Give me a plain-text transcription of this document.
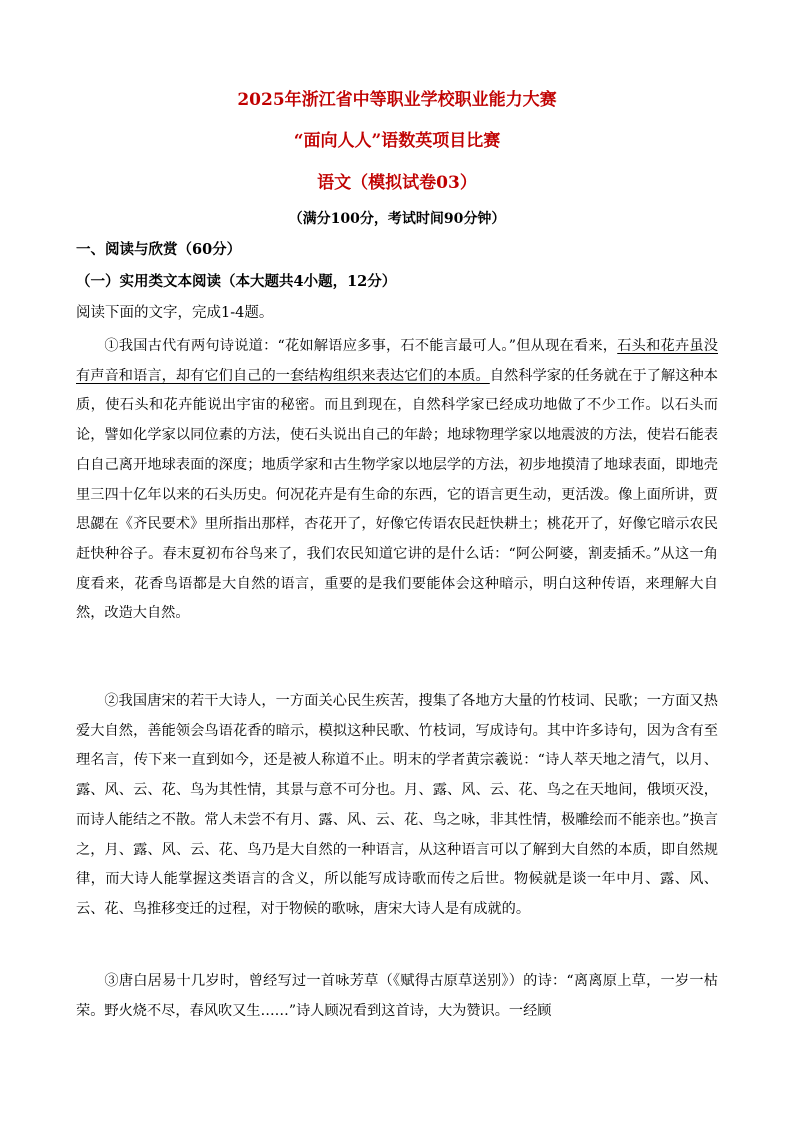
2025年浙江省中等职业学校职业能力大赛
“面向人人”语数英项目比赛
语文（模拟试卷03）
（满分100分，考试时间90分钟）
一、阅读与欣赏（60分）
（一）实用类文本阅读（本大题共4小题，12分）
阅读下面的文字，完成1-4题。

①我国古代有两句诗说道：“花如解语应多事，石不能言最可人。”但从现在看来，石头和花卉虽没有声音和语言，却有它们自己的一套结构组织来表达它们的本质。自然科学家的任务就在于了解这种本质，使石头和花卉能说出宇宙的秘密。而且到现在，自然科学家已经成功地做了不少工作。以石头而论，譬如化学家以同位素的方法，使石头说出自己的年龄；地球物理学家以地震波的方法，使岩石能表白自己离开地球表面的深度；地质学家和古生物学家以地层学的方法，初步地摸清了地球表面，即地壳里三四十亿年以来的石头历史。何况花卉是有生命的东西，它的语言更生动，更活泼。像上面所讲，贾思勰在《齐民要术》里所指出那样，杏花开了，好像它传语农民赶快耕土；桃花开了，好像它暗示农民赶快种谷子。春末夏初布谷鸟来了，我们农民知道它讲的是什么话：“阿公阿婆，割麦插禾。”从这一角度看来，花香鸟语都是大自然的语言，重要的是我们要能体会这种暗示，明白这种传语，来理解大自然，改造大自然。

②我国唐宋的若干大诗人，一方面关心民生疾苦，搜集了各地方大量的竹枝词、民歌；一方面又热爱大自然，善能领会鸟语花香的暗示，模拟这种民歌、竹枝词，写成诗句。其中许多诗句，因为含有至理名言，传下来一直到如今，还是被人称道不止。明末的学者黄宗羲说：“诗人萃天地之清气，以月、露、风、云、花、鸟为其性情，其景与意不可分也。月、露、风、云、花、鸟之在天地间，俄顷灭没，而诗人能结之不散。常人未尝不有月、露、风、云、花、鸟之咏，非其性情，极雕绘而不能亲也。”换言之，月、露、风、云、花、鸟乃是大自然的一种语言，从这种语言可以了解到大自然的本质，即自然规律，而大诗人能掌握这类语言的含义，所以能写成诗歌而传之后世。物候就是谈一年中月、露、风、云、花、鸟推移变迁的过程，对于物候的歌咏，唐宋大诗人是有成就的。

③唐白居易十几岁时，曾经写过一首咏芳草（《赋得古原草送别》）的诗：“离离原上草，一岁一枯荣。野火烧不尽，春风吹又生……”诗人顾况看到这首诗，大为赞识。一经顾
